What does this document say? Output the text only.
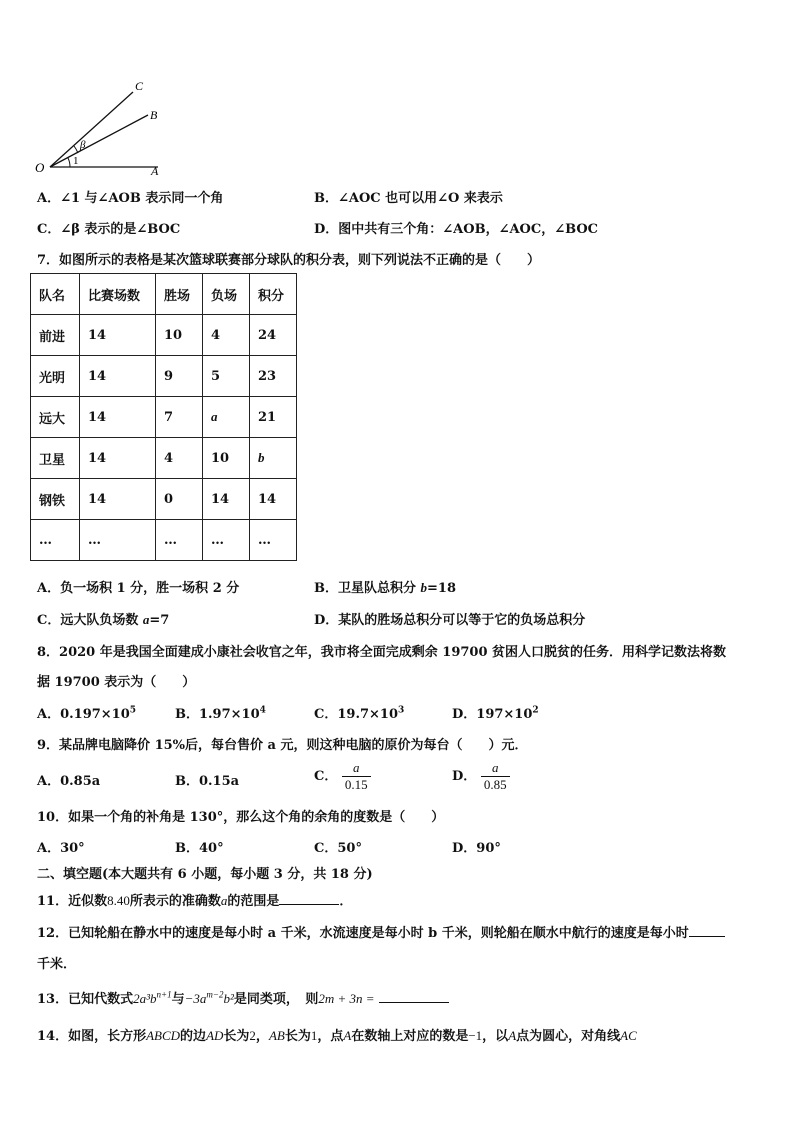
O	A
B
C
β
1
A．∠1 与∠AOB 表示同一个角	B．∠AOC 也可以用∠O 来表示
C．∠β 表示的是∠BOC	D．图中共有三个角：∠AOB，∠AOC，∠BOC
7．如图所示的表格是某次篮球联赛部分球队的积分表，则下列说法不正确的是（　　）
队名	比赛场数	胜场	负场	积分
前进	14	10	4	24
光明	14	9	5	23
远大	14	7	a	21
卫星	14	4	10	b
钢铁	14	0	14	14
…	…	…	…	…
A．负一场积 1 分，胜一场积 2 分	B．卫星队总积分 b=18
C．远大队负场数 a=7	D．某队的胜场总积分可以等于它的负场总积分
8．2020 年是我国全面建成小康社会收官之年，我市将全面完成剩余 19700 贫困人口脱贫的任务．用科学记数法将数
据 19700 表示为（　　）
A．$0.197\times 10^5$	B．$1.97\times 10^4$	C．$19.7\times 10^3$	D．$197\times 10^2$
9．某品牌电脑降价 15%后，每台售价 a 元，则这种电脑的原价为每台（　　）元．
A．0.85a	B．0.15a	C． $\frac{a}{0.15}$	D． $\frac{a}{0.85}$
10．如果一个角的补角是 130°，那么这个角的余角的度数是（　　）
A．30°	B．40°	C．50°	D．90°
二、填空题(本大题共有 6 小题，每小题 3 分，共 18 分)
11．近似数8.40所表示的准确数a的范围是	．
12．已知轮船在静水中的速度是每小时 a 千米，水流速度是每小时 b 千米，则轮船在顺水中航行的速度是每小时
千米．
13．已知代数式$2a^3b^{n+1}$与$-3a^{m-2}b^2$是同类项，　则2m + 3n =
14．如图，长方形ABCD的边AD长为2，AB长为1，点A在数轴上对应的数是−1，以A点为圆心，对角线AC
